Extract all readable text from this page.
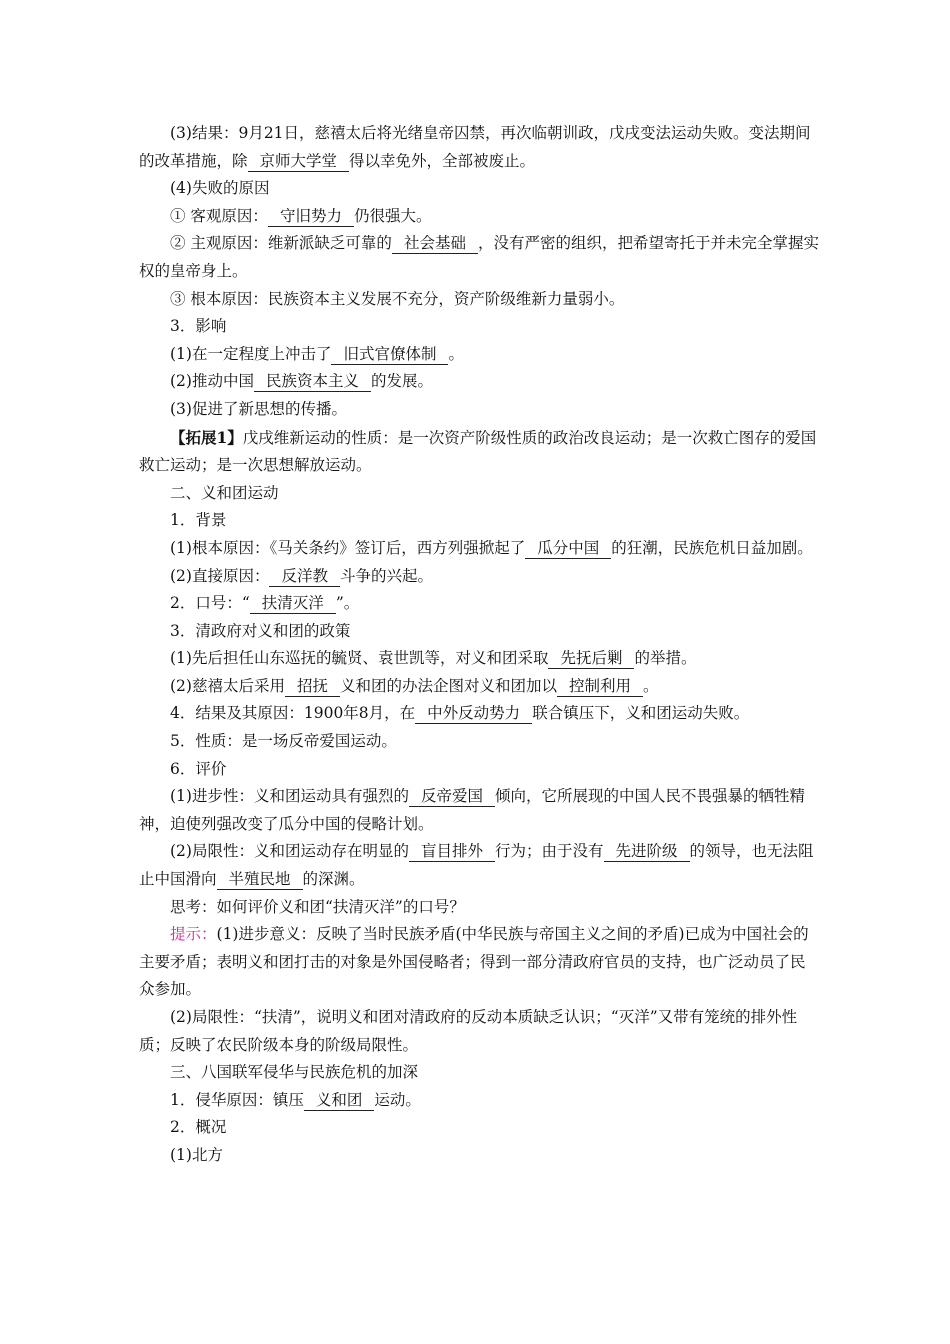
(3)结果：9月21日，慈禧太后将光绪皇帝囚禁，再次临朝训政，戊戌变法运动失败。变法期间的改革措施，除 京师大学堂 得以幸免外，全部被废止。

(4)失败的原因

① 客观原因： 守旧势力 仍很强大。

② 主观原因：维新派缺乏可靠的 社会基础 ，没有严密的组织，把希望寄托于并未完全掌握实权的皇帝身上。

③ 根本原因：民族资本主义发展不充分，资产阶级维新力量弱小。

3．影响

(1)在一定程度上冲击了 旧式官僚体制 。

(2)推动中国 民族资本主义 的发展。

(3)促进了新思想的传播。

【拓展1】戊戌维新运动的性质：是一次资产阶级性质的政治改良运动；是一次救亡图存的爱国救亡运动；是一次思想解放运动。

二、义和团运动

1．背景

(1)根本原因：《马关条约》签订后，西方列强掀起了 瓜分中国 的狂潮，民族危机日益加剧。

(2)直接原因： 反洋教 斗争的兴起。

2．口号：“ 扶清灭洋 ”。

3．清政府对义和团的政策

(1)先后担任山东巡抚的毓贤、袁世凯等，对义和团采取 先抚后剿 的举措。

(2)慈禧太后采用 招抚 义和团的办法企图对义和团加以 控制利用 。

4．结果及其原因：1900年8月，在 中外反动势力 联合镇压下，义和团运动失败。

5．性质：是一场反帝爱国运动。

6．评价

(1)进步性：义和团运动具有强烈的 反帝爱国 倾向，它所展现的中国人民不畏强暴的牺牲精神，迫使列强改变了瓜分中国的侵略计划。

(2)局限性：义和团运动存在明显的 盲目排外 行为；由于没有 先进阶级 的领导，也无法阻止中国滑向 半殖民地 的深渊。

思考：如何评价义和团“扶清灭洋”的口号？

提示：(1)进步意义：反映了当时民族矛盾(中华民族与帝国主义之间的矛盾)已成为中国社会的主要矛盾；表明义和团打击的对象是外国侵略者；得到一部分清政府官员的支持，也广泛动员了民众参加。

(2)局限性：“扶清”，说明义和团对清政府的反动本质缺乏认识；“灭洋”又带有笼统的排外性质；反映了农民阶级本身的阶级局限性。

三、八国联军侵华与民族危机的加深

1．侵华原因：镇压 义和团 运动。

2．概况

(1)北方
